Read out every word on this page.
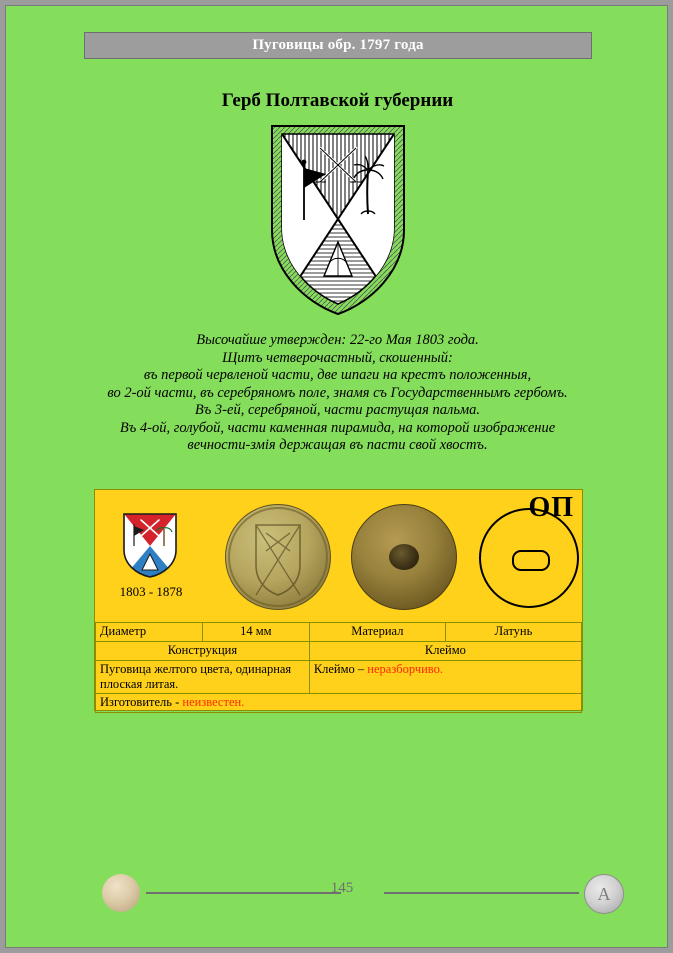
Пуговицы обр. 1797 года
Герб Полтавской губернии
Высочайше утвержден: 22-го Мая 1803 года.
Щитъ четверочастный, скошенный:
въ первой червленой части, две шпаги на крестъ положенныя,
во 2-ой части, въ серебряномъ поле, знамя съ Государственнымъ гербомъ.
Въ 3-ей, серебряной, части растущая пальма.
Въ 4-ой, голубой, части каменная пирамида, на которой изображение
вечности-змiя держащая въ пасти свой хвостъ.
ОП
1803 - 1878
Диаметр	14 мм	Материал	Латунь
Конструкция		Клеймо	
Пуговица желтого цвета, одинарная плоская литая.		Клеймо – неразборчиво.	
Изготовитель - неизвестен.			
145	А
